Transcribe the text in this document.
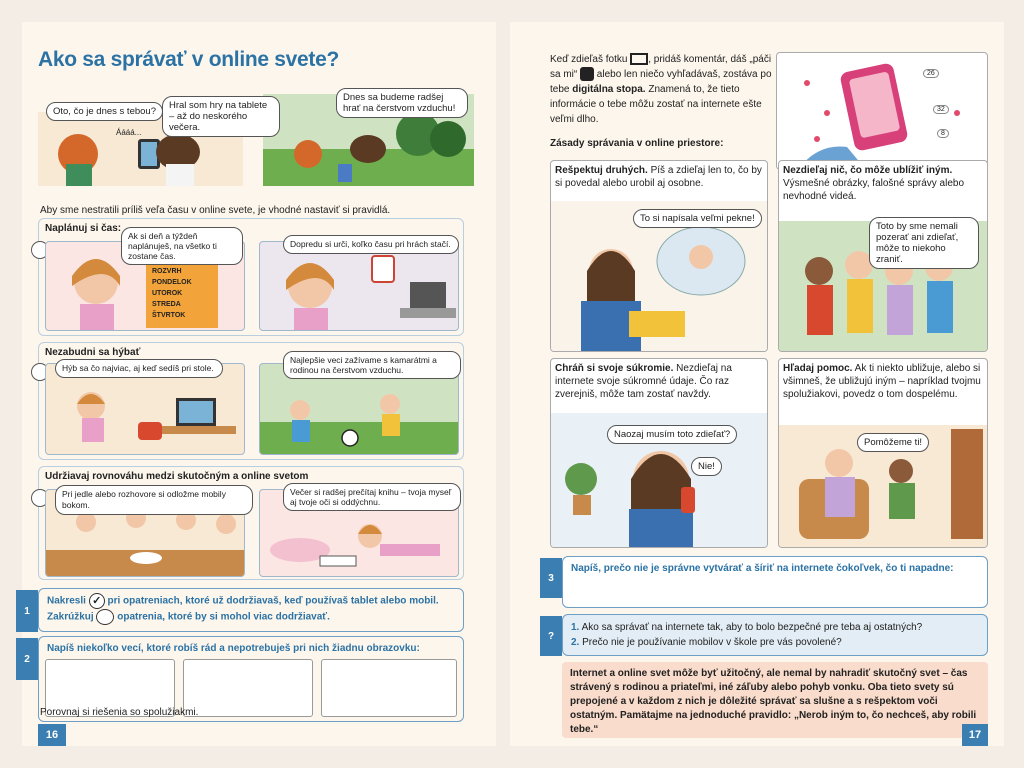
Ako sa správať v online svete?
Oto, čo je dnes s tebou?
Hral som hry na tablete – až do neskorého večera.
Dnes sa budeme radšej hrať na čerstvom vzduchu!
Áááá...
Aby sme nestratili príliš veľa času v online svete, je vhodné nastaviť si pravidlá.
Naplánuj si čas:
ROZVRH
PONDELOK
UTOROK
STREDA
ŠTVRTOK
Ak si deň a týždeň naplánuješ, na všetko ti zostane čas.
Dopredu si urči, koľko času pri hrách stačí.
Nezabudni sa hýbať
Hýb sa čo najviac, aj keď sedíš pri stole.
Najlepšie veci zažívame s kamarátmi a rodinou na čerstvom vzduchu.
Udržiavaj rovnováhu medzi skutočným a online svetom
Pri jedle alebo rozhovore si odložme mobily bokom.
Večer si radšej prečítaj knihu – tvoja myseľ aj tvoje oči si oddýchnu.
1
Nakresli ✓ pri opatreniach, ktoré už dodržiavaš, keď používaš tablet alebo mobil.
Zakrúžkuj opatrenia, ktoré by si mohol viac dodržiavať.
2
Napíš niekoľko vecí, ktoré robíš rád a nepotrebuješ pri nich žiadnu obrazovku:
Porovnaj si riešenia so spolužiakmi.
16
Keď zdieľaš fotku , pridáš komentár, dáš „páči sa mi“ alebo len niečo vyhľadávaš, zostáva po tebe digitálna stopa. Znamená to, že tieto informácie o tebe môžu zostať na internete ešte veľmi dlho.
26
32
8
Zásady správania v online priestore:
Rešpektuj druhých. Píš a zdieľaj len to, čo by si povedal alebo urobil aj osobne.
To si napísala veľmi pekne!
Nezdieľaj nič, čo môže ublížiť iným. Výsmešné obrázky, falošné správy alebo nevhodné videá.
Toto by sme nemali pozerať ani zdieľať, môže to niekoho zraniť.
Chráň si svoje súkromie. Nezdieľaj na internete svoje súkromné údaje. Čo raz zverejniš, môže tam zostať navždy.
Naozaj musím toto zdieľať?
Nie!
Hľadaj pomoc. Ak ti niekto ubližuje, alebo si všimneš, že ubližujú iným – napríklad tvojmu spolužiakovi, povedz o tom dospelému.
Pomôžeme ti!
3
Napíš, prečo nie je správne vytvárať a šíriť na internete čokoľvek, čo ti napadne:
?
1. Ako sa správať na internete tak, aby to bolo bezpečné pre teba aj ostatných?
2. Prečo nie je používanie mobilov v škole pre vás povolené?
Internet a online svet môže byť užitočný, ale nemal by nahradiť skutočný svet – čas strávený s rodinou a priateľmi, iné záľuby alebo pohyb vonku. Oba tieto svety sú prepojené a v každom z nich je dôležité správať sa slušne a s rešpektom voči ostatným. Pamätajme na jednoduché pravidlo: „Nerob iným to, čo nechceš, aby robili tebe.“	17
